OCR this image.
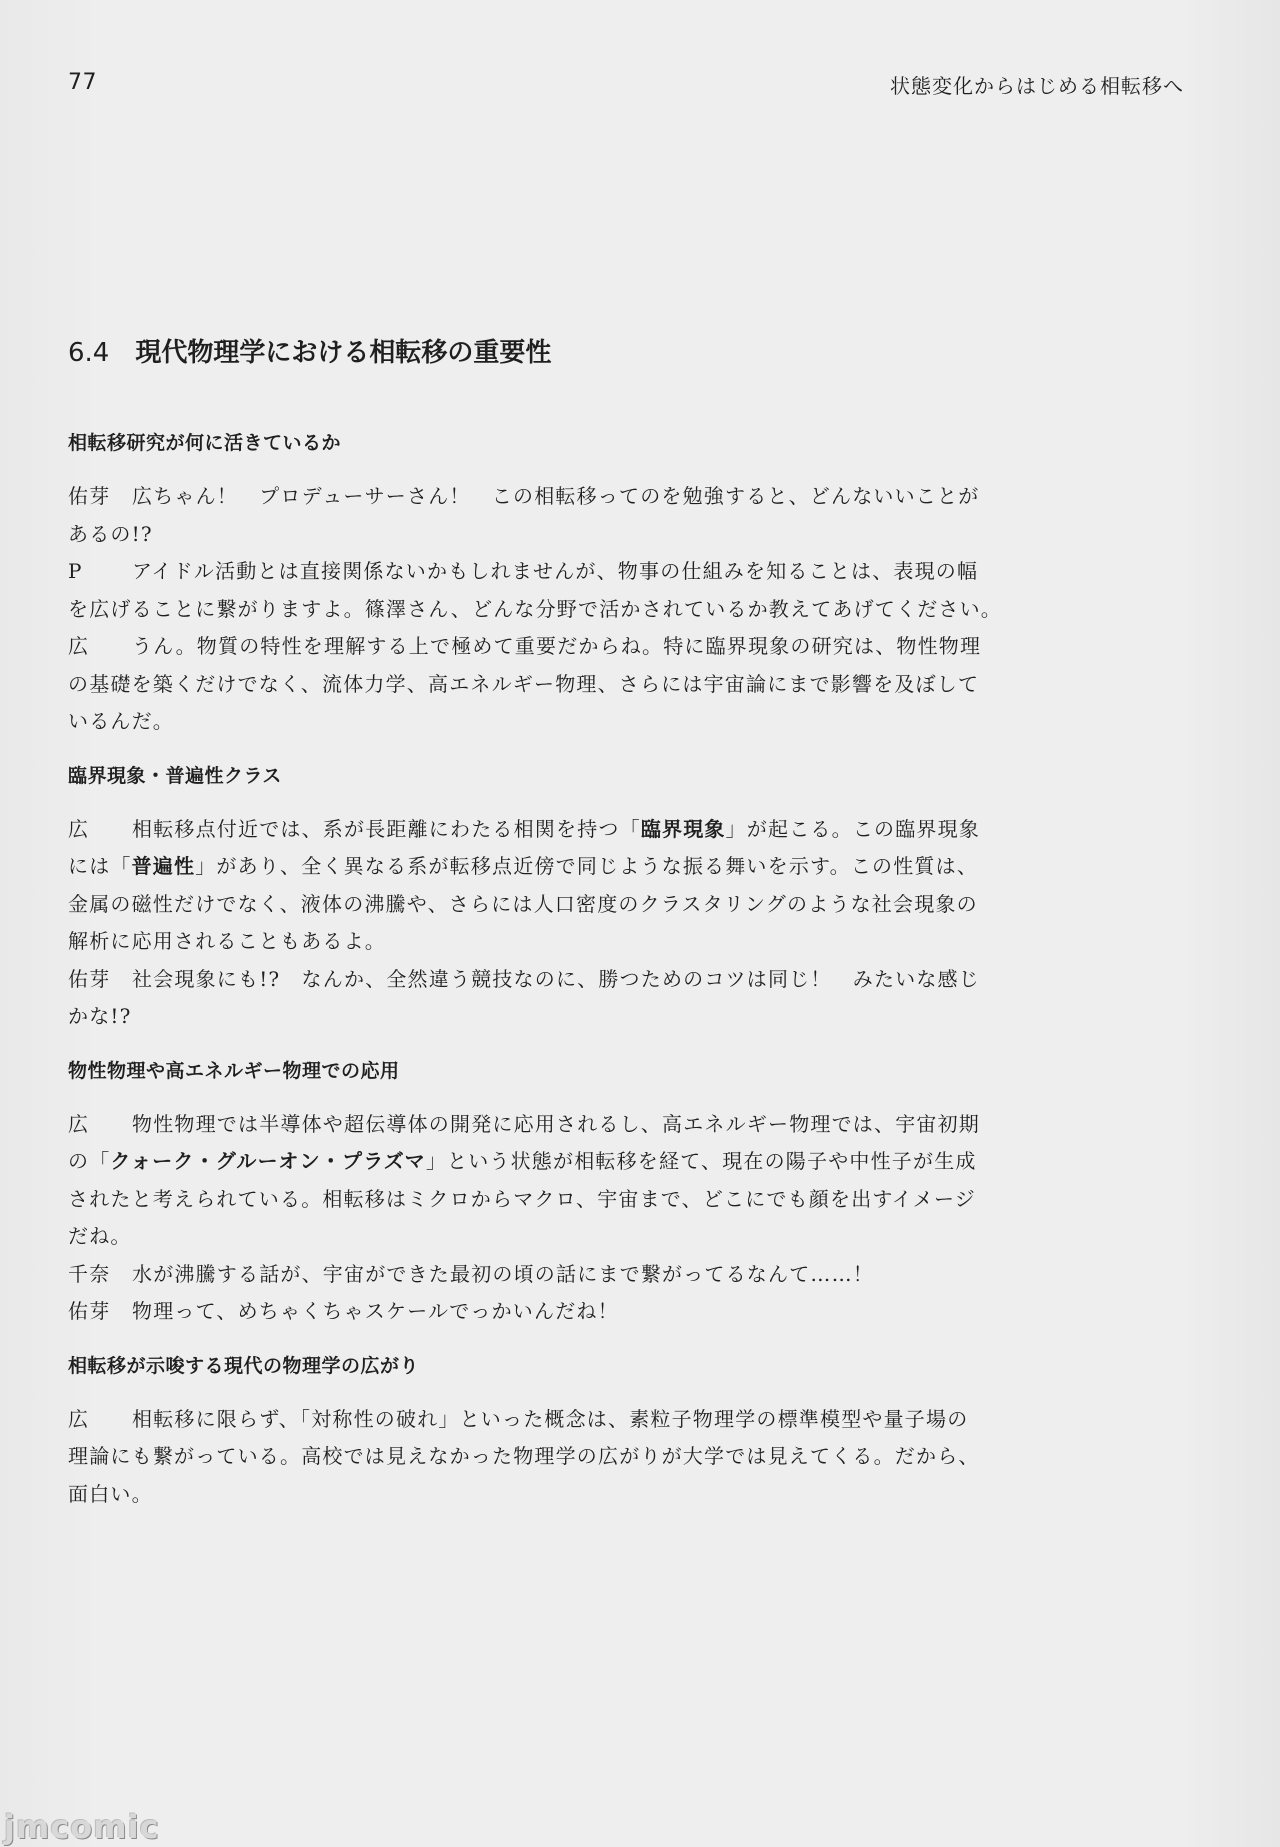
77	状態変化からはじめる相転移へ
6.4 現代物理学における相転移の重要性
相転移研究が何に活きているか
佑芽 広ちゃん！　プロデューサーさん！　この相転移ってのを勉強すると、どんないいことが
あるの!?
P アイドル活動とは直接関係ないかもしれませんが、物事の仕組みを知ることは、表現の幅
を広げることに繋がりますよ。篠澤さん、どんな分野で活かされているか教えてあげてください。
広 うん。物質の特性を理解する上で極めて重要だからね。特に臨界現象の研究は、物性物理
の基礎を築くだけでなく、流体力学、高エネルギー物理、さらには宇宙論にまで影響を及ぼして
いるんだ。
臨界現象・普遍性クラス
広 相転移点付近では、系が長距離にわたる相関を持つ「臨界現象」が起こる。この臨界現象
には「普遍性」があり、全く異なる系が転移点近傍で同じような振る舞いを示す。この性質は、
金属の磁性だけでなく、液体の沸騰や、さらには人口密度のクラスタリングのような社会現象の
解析に応用されることもあるよ。
佑芽 社会現象にも!?　なんか、全然違う競技なのに、勝つためのコツは同じ！　みたいな感じ
かな!?
物性物理や高エネルギー物理での応用
広 物性物理では半導体や超伝導体の開発に応用されるし、高エネルギー物理では、宇宙初期
の「クォーク・グルーオン・プラズマ」という状態が相転移を経て、現在の陽子や中性子が生成
されたと考えられている。相転移はミクロからマクロ、宇宙まで、どこにでも顔を出すイメージ
だね。
千奈 水が沸騰する話が、宇宙ができた最初の頃の話にまで繋がってるなんて……！
佑芽 物理って、めちゃくちゃスケールでっかいんだね！
相転移が示唆する現代の物理学の広がり
広 相転移に限らず、「対称性の破れ」といった概念は、素粒子物理学の標準模型や量子場の
理論にも繋がっている。高校では見えなかった物理学の広がりが大学では見えてくる。だから、
面白い。
jmcomic
